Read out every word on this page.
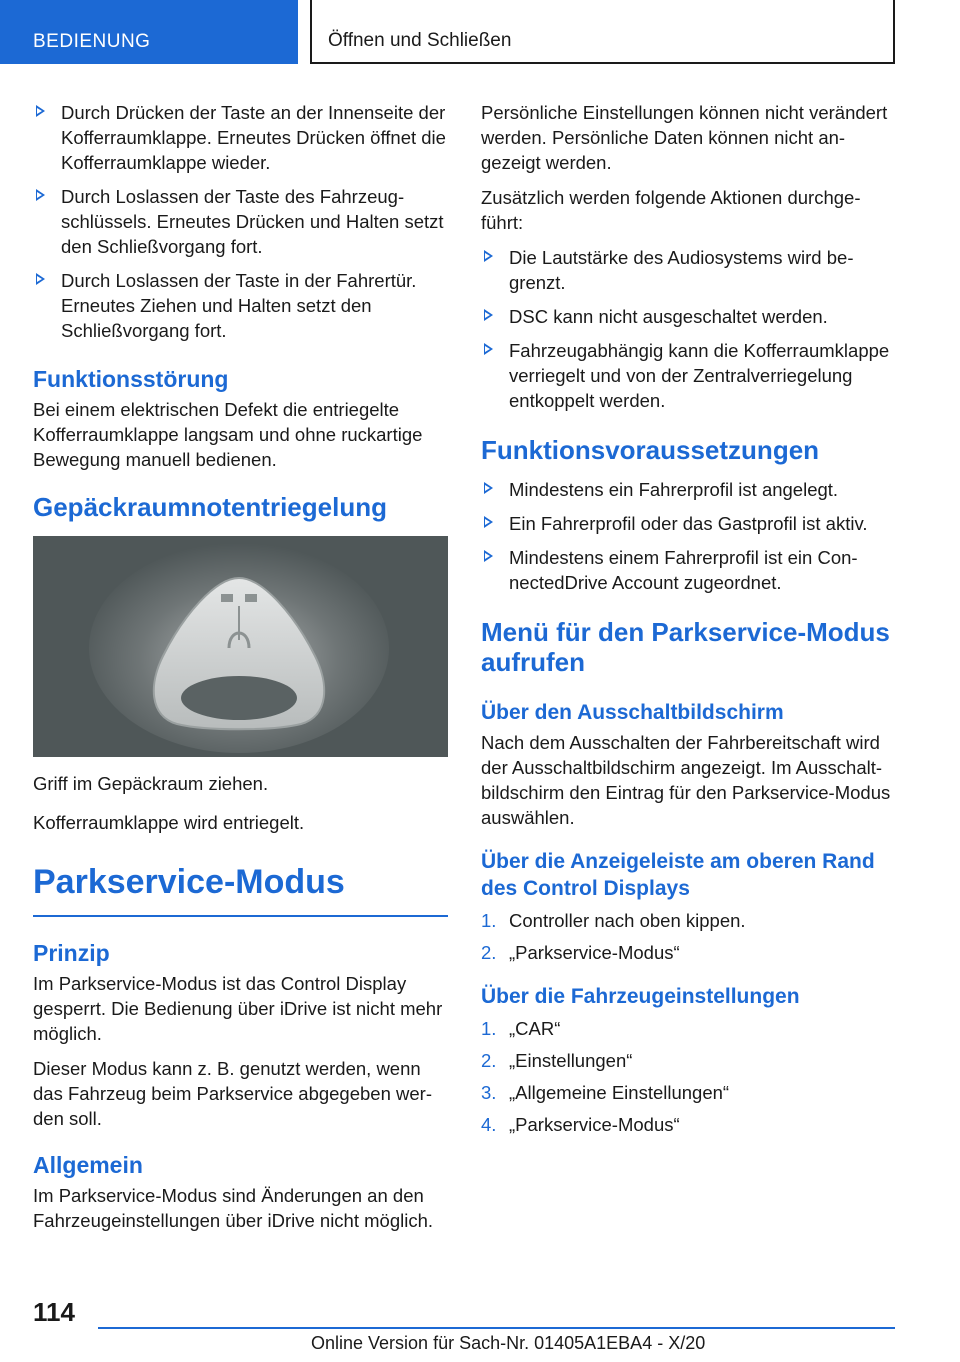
BEDIENUNG	Öffnen und Schließen
Durch Drücken der Taste an der Innenseite der Kofferraumklappe. Erneutes Drücken öffnet die Kofferraumklappe wieder.
Durch Loslassen der Taste des Fahrzeugschlüssels. Erneutes Drücken und Halten setzt den Schließvorgang fort.
Durch Loslassen der Taste in der Fahrertür. Erneutes Ziehen und Halten setzt den Schließvorgang fort.
Funktionsstörung

Bei einem elektrischen Defekt die entriegelte Kofferraumklappe langsam und ohne ruckartige Bewegung manuell bedienen.

Gepäckraumnotentriegelung

Griff im Gepäckraum ziehen.

Kofferraumklappe wird entriegelt.

Parkservice-Modus
Prinzip

Im Parkservice-Modus ist das Control Display gesperrt. Die Bedienung über iDrive ist nicht mehr möglich.

Dieser Modus kann z. B. genutzt werden, wenn das Fahrzeug beim Parkservice abgegeben werden soll.

Allgemein

Im Parkservice-Modus sind Änderungen an den Fahrzeugeinstellungen über iDrive nicht möglich.

Persönliche Einstellungen können nicht verändert werden. Persönliche Daten können nicht angezeigt werden.

Zusätzlich werden folgende Aktionen durchgeführt:

Die Lautstärke des Audiosystems wird begrenzt.
DSC kann nicht ausgeschaltet werden.
Fahrzeugabhängig kann die Kofferraumklappe verriegelt und von der Zentralverriegelung entkoppelt werden.
Funktionsvoraussetzungen
Mindestens ein Fahrerprofil ist angelegt.
Ein Fahrerprofil oder das Gastprofil ist aktiv.
Mindestens einem Fahrerprofil ist ein ConnectedDrive Account zugeordnet.
Menü für den Parkservice-Modus aufrufen
Über den Ausschaltbildschirm

Nach dem Ausschalten der Fahrbereitschaft wird der Ausschaltbildschirm angezeigt. Im Ausschaltbildschirm den Eintrag für den Parkservice-Modus auswählen.

Über die Anzeigeleiste am oberen Rand des Control Displays
1. Controller nach oben kippen.
2. „Parkservice-Modus“
Über die Fahrzeugeinstellungen
1. „CAR“
2. „Einstellungen“
3. „Allgemeine Einstellungen“
4. „Parkservice-Modus“
114
Online Version für Sach-Nr. 01405A1EBA4 - X/20
